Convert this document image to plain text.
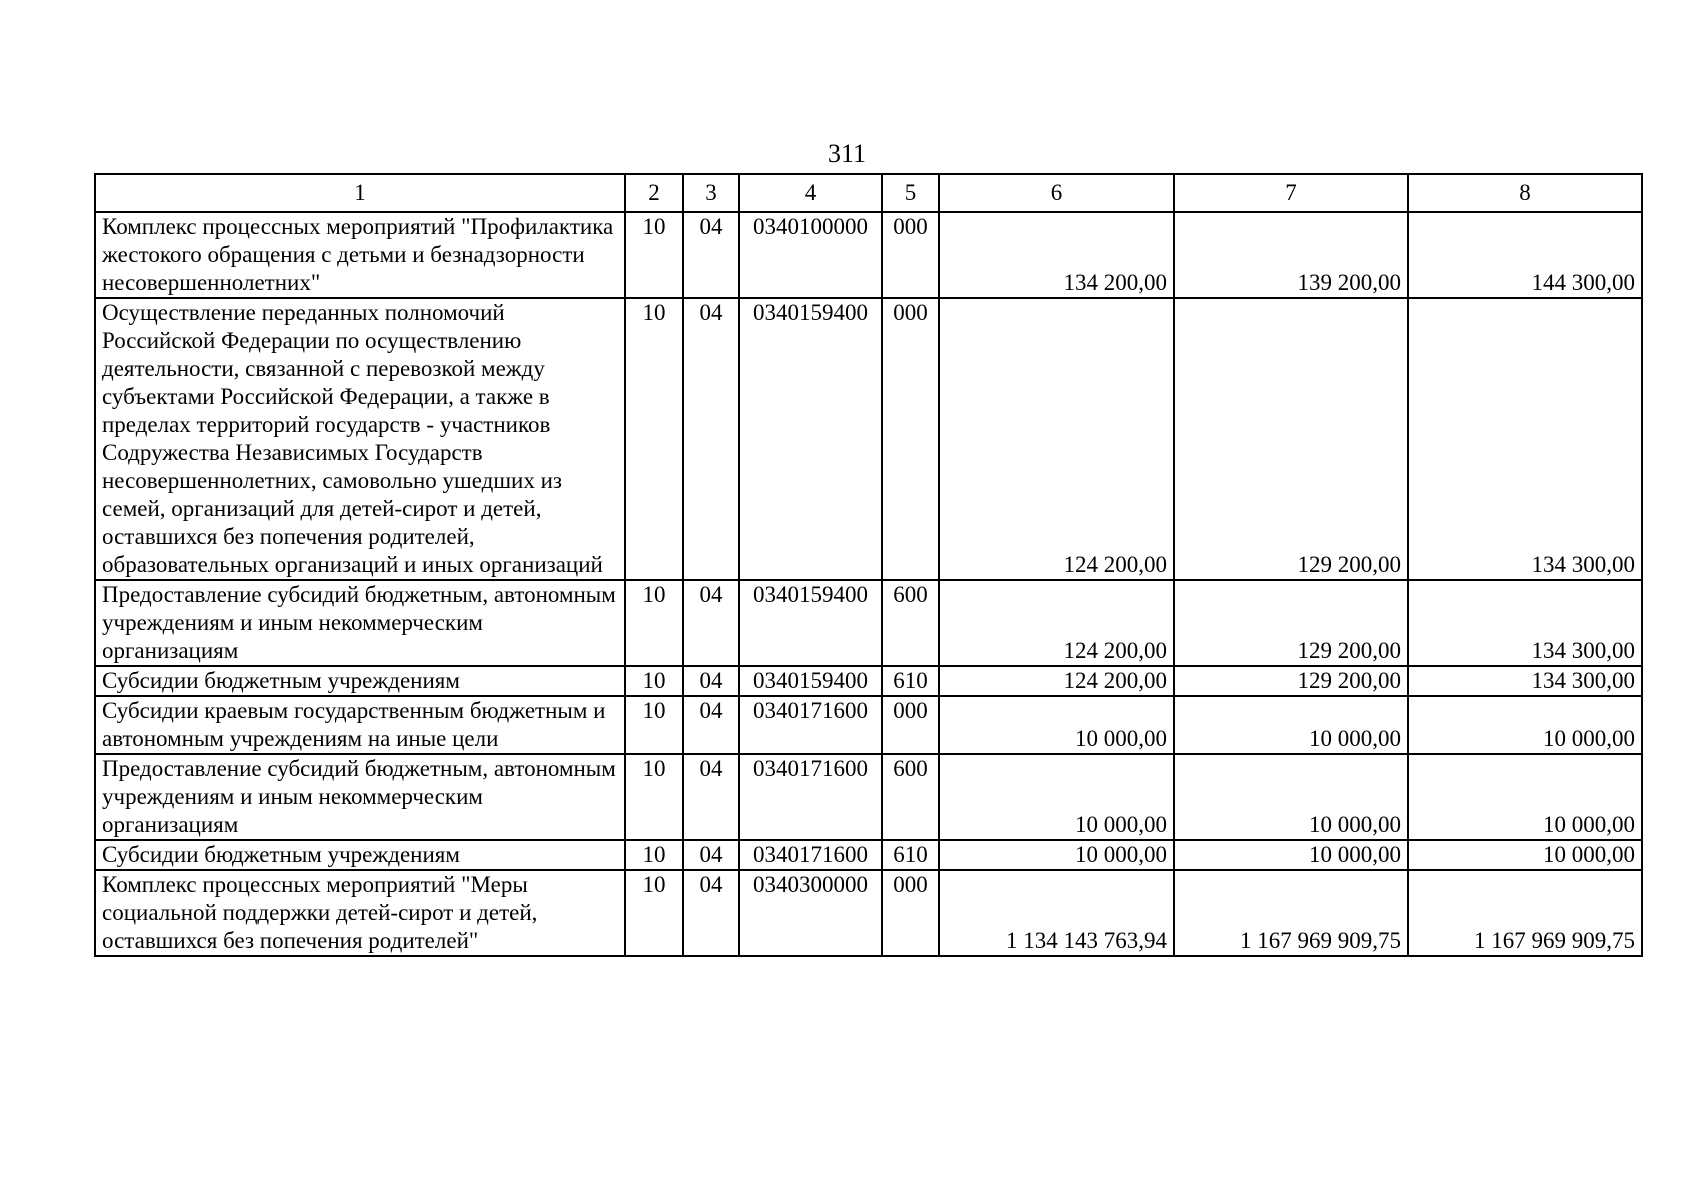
311
1	2	3	4	5	6	7	8
Комплекс процессных мероприятий "Профилактика жестокого обращения с детьми и безнадзорности несовершеннолетних"	10	04	0340100000	000	134 200,00	139 200,00	144 300,00
Осуществление переданных полномочий Российской Федерации по осуществлению деятельности, связанной с перевозкой между субъектами Российской Федерации, а также в пределах территорий государств - участников Содружества Независимых Государств несовершеннолетних, самовольно ушедших из семей, организаций для детей-сирот и детей, оставшихся без попечения родителей, образовательных организаций и иных организаций	10	04	0340159400	000	124 200,00	129 200,00	134 300,00
Предоставление субсидий бюджетным, автономным учреждениям и иным некоммерческим организациям	10	04	0340159400	600	124 200,00	129 200,00	134 300,00
Субсидии бюджетным учреждениям	10	04	0340159400	610	124 200,00	129 200,00	134 300,00
Субсидии краевым государственным бюджетным и автономным учреждениям на иные цели	10	04	0340171600	000	10 000,00	10 000,00	10 000,00
Предоставление субсидий бюджетным, автономным учреждениям и иным некоммерческим организациям	10	04	0340171600	600	10 000,00	10 000,00	10 000,00
Субсидии бюджетным учреждениям	10	04	0340171600	610	10 000,00	10 000,00	10 000,00
Комплекс процессных мероприятий "Меры социальной поддержки детей-сирот и детей, оставшихся без попечения родителей"	10	04	0340300000	000	1 134 143 763,94	1 167 969 909,75	1 167 969 909,75
